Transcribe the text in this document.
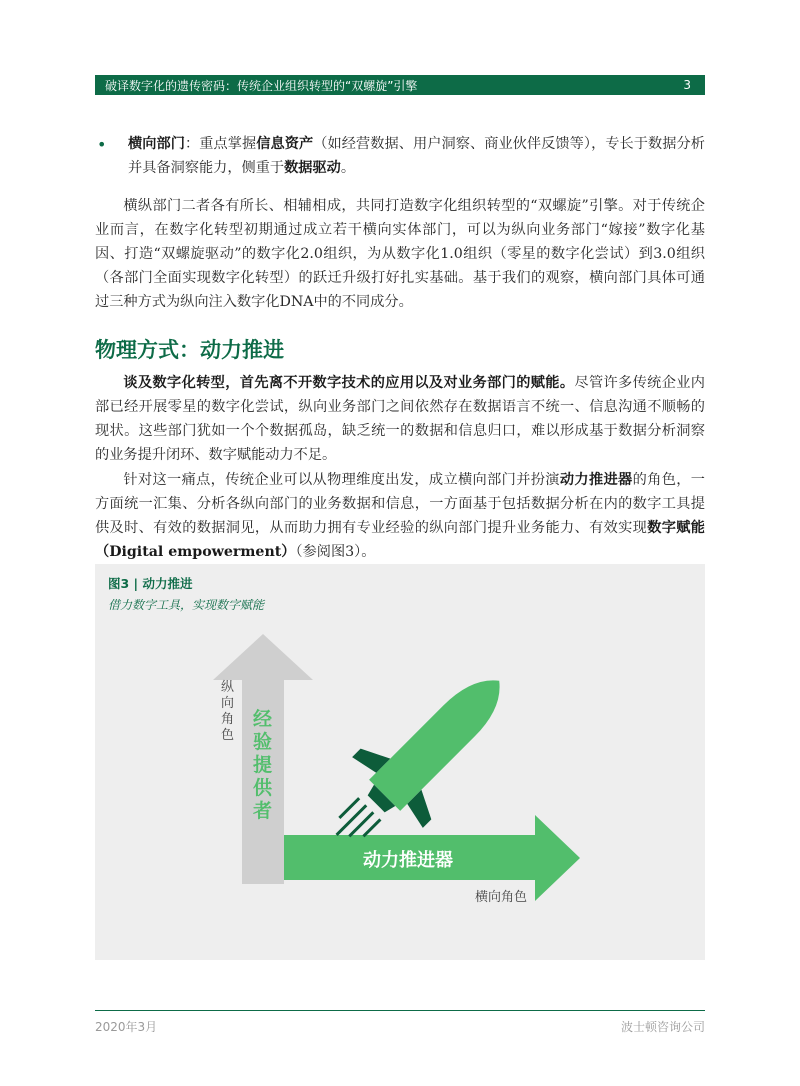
破译数字化的遗传密码：传统企业组织转型的“双螺旋”引擎	3
• 横向部门：重点掌握信息资产（如经营数据、用户洞察、商业伙伴反馈等），专长于数据分析并具备洞察能力，侧重于数据驱动。

横纵部门二者各有所长、相辅相成，共同打造数字化组织转型的“双螺旋”引擎。对于传统企业而言，在数字化转型初期通过成立若干横向实体部门，可以为纵向业务部门“嫁接”数字化基因、打造“双螺旋驱动”的数字化2.0组织，为从数字化1.0组织（零星的数字化尝试）到3.0组织（各部门全面实现数字化转型）的跃迁升级打好扎实基础。基于我们的观察，横向部门具体可通过三种方式为纵向注入数字化DNA中的不同成分。

物理方式：动力推进

谈及数字化转型，首先离不开数字技术的应用以及对业务部门的赋能。尽管许多传统企业内部已经开展零星的数字化尝试，纵向业务部门之间依然存在数据语言不统一、信息沟通不顺畅的现状。这些部门犹如一个个数据孤岛，缺乏统一的数据和信息归口，难以形成基于数据分析洞察的业务提升闭环、数字赋能动力不足。

针对这一痛点，传统企业可以从物理维度出发，成立横向部门并扮演动力推进器的角色，一方面统一汇集、分析各纵向部门的业务数据和信息，一方面基于包括数据分析在内的数字工具提供及时、有效的数据洞见，从而助力拥有专业经验的纵向部门提升业务能力、有效实现数字赋能（Digital empowerment）（参阅图3）。

图3 | 动力推进

借力数字工具，实现数字赋能

纵向角色
经验提供者
动力推进器
横向角色
2020年3月	波士顿咨询公司
